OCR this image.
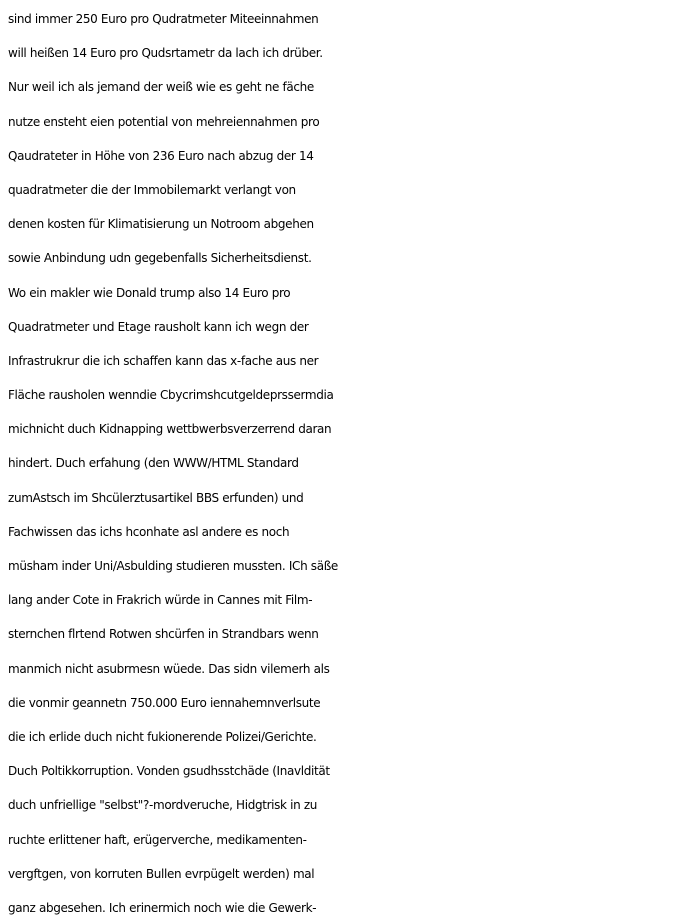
sind immer 250 Euro pro Qudratmeter Miteeinnahmen
will heißen 14 Euro pro Qudsrtametr da lach ich drüber.
Nur weil ich als jemand der weiß wie es geht ne fäche
nutze ensteht eien potential von mehreiennahmen pro
Qaudrateter in Höhe von 236 Euro nach abzug der 14
quadratmeter die der Immobilemarkt verlangt von
denen kosten für Klimatisierung un Notroom abgehen
sowie Anbindung udn gegebenfalls Sicherheitsdienst.
Wo ein makler wie Donald trump also 14 Euro pro
Quadratmeter und Etage rausholt kann ich wegn der
Infrastrukrur die ich schaffen kann das x-fache aus ner
Fläche rausholen wenndie Cbycrimshcutgeldeprssermdia
michnicht duch Kidnapping wettbwerbsverzerrend daran
hindert. Duch erfahung (den WWW/HTML Standard
zumAstsch im Shcülerztusartikel BBS erfunden) und
Fachwissen das ichs hconhate asl andere es noch
müsham inder Uni/Asbulding studieren mussten. ICh säße
lang ander Cote in Frakrich würde in Cannes mit Film-
sternchen flrtend Rotwen shcürfen in Strandbars wenn
manmich nicht asubrmesn wüede. Das sidn vilemerh als
die vonmir geannetn 750.000 Euro iennahemnverlsute
die ich erlide duch nicht fukionerende Polizei/Gerichte.
Duch Poltikkorruption. Vonden gsudhsstchäde (Inavldität
duch unfriellige "selbst"?-mordveruche, Hidgtrisk in zu
ruchte erlittener haft, erügerverche, medikamenten-
vergftgen, von korruten Bullen evrpügelt werden) mal
ganz abgesehen. Ich erinermich noch wie die Gewerk-
